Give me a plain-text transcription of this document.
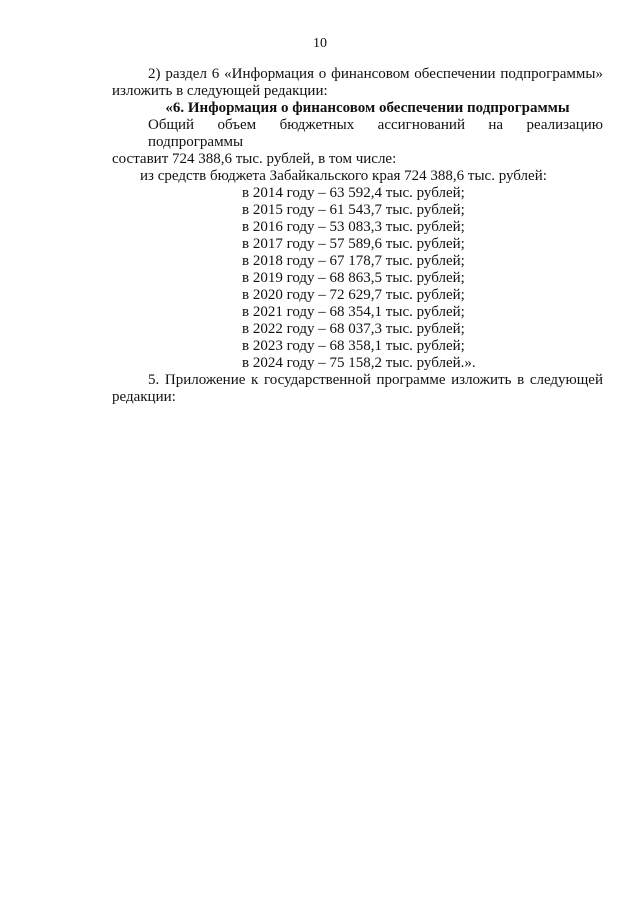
10

2) раздел 6 «Информация о финансовом обеспечении подпрограммы»

изложить в следующей редакции:

«6. Информация о финансовом обеспечении подпрограммы

Общий объем бюджетных ассигнований на реализацию подпрограммы

составит 724 388,6 тыс. рублей, в том числе:

из средств бюджета Забайкальского края 724 388,6 тыс. рублей:

в 2014 году – 63 592,4 тыс. рублей;
в 2015 году – 61 543,7 тыс. рублей;
в 2016 году – 53 083,3 тыс. рублей;
в 2017 году – 57 589,6 тыс. рублей;
в 2018 году – 67 178,7 тыс. рублей;
в 2019 году – 68 863,5 тыс. рублей;
в 2020 году – 72 629,7 тыс. рублей;
в 2021 году – 68 354,1 тыс. рублей;
в 2022 году – 68 037,3 тыс. рублей;
в 2023 году – 68 358,1 тыс. рублей;
в 2024 году – 75 158,2 тыс. рублей.».

5. Приложение к государственной программе изложить в следующей

редакции:
